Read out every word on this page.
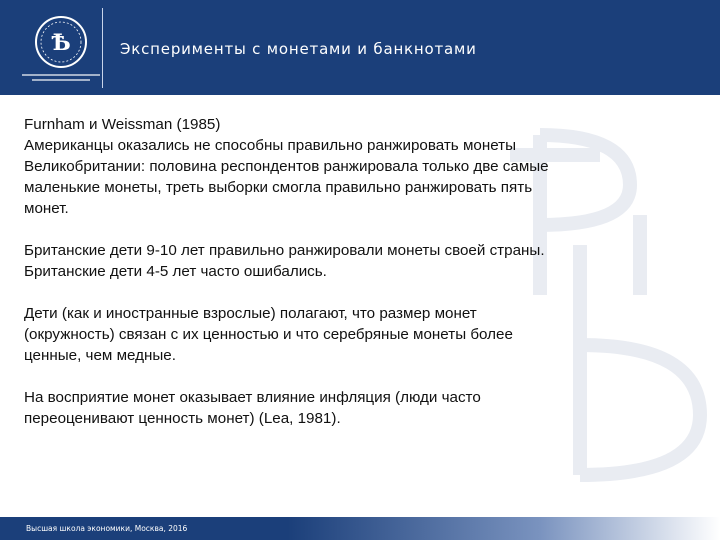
Ѣ	Эксперименты с монетами и банкнотами
Furnham и Weissman (1985)
Американцы оказались не способны правильно ранжировать монеты
Великобритании: половина респондентов ранжировала только две самые
маленькие монеты, треть выборки смогла правильно ранжировать пять
монет.
Британские дети 9-10 лет правильно ранжировали монеты своей страны.
Британские дети 4-5 лет часто ошибались.
Дети (как и иностранные взрослые) полагают, что размер монет
(окружность) связан с их ценностью и что серебряные монеты более
ценные, чем медные.
На восприятие монет оказывает влияние инфляция (люди часто
переоценивают ценность монет) (Lea, 1981).
Высшая школа экономики, Москва, 2016
